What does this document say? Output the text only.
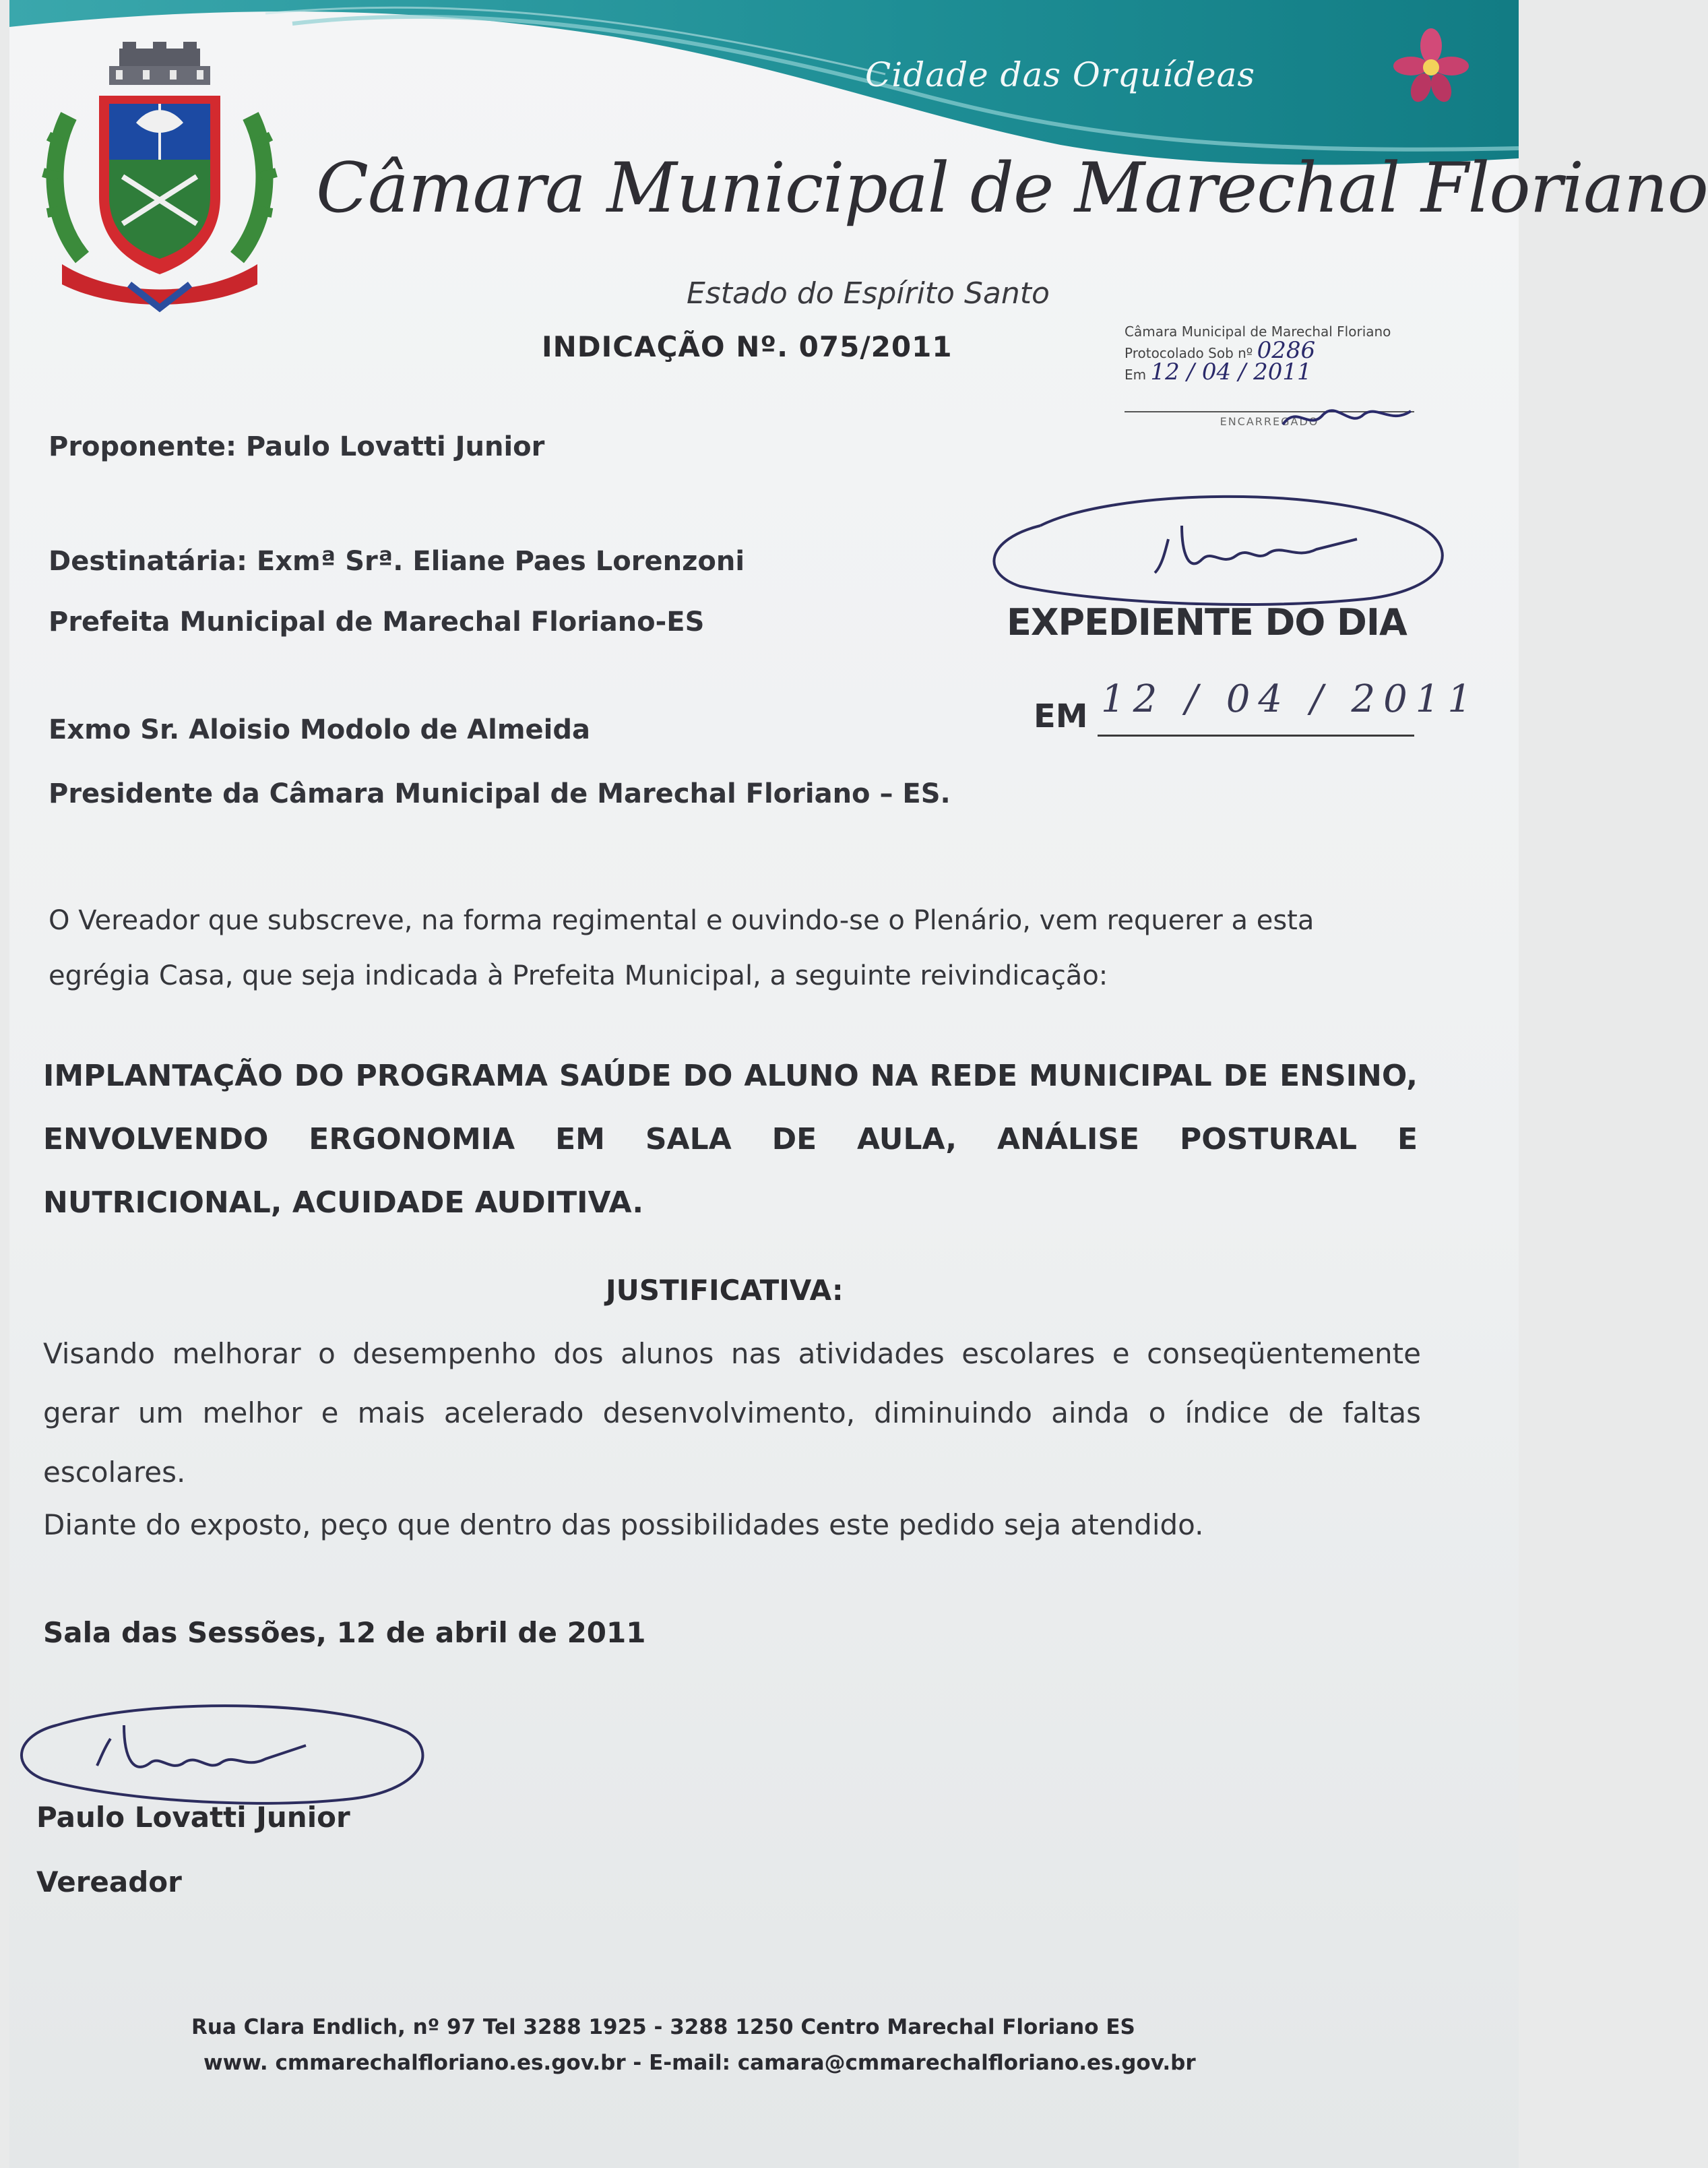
Cidade das Orquídeas
Câmara Municipal de Marechal Floriano
Estado do Espírito Santo
INDICAÇÃO Nº. 075/2011	Câmara Municipal de Marechal Floriano
Protocolado Sob nº 0286
Em 12 / 04 / 2011
ENCARREGADO
Proponente: Paulo Lovatti Junior
Destinatária: Exmª Srª. Eliane Paes Lorenzoni
Prefeita Municipal de Marechal Floriano-ES
Exmo Sr. Aloisio Modolo de Almeida
Presidente da Câmara Municipal de Marechal Floriano – ES.
EXPEDIENTE DO DIA
EM 12 / 04 / 2011
O Vereador que subscreve, na forma regimental e ouvindo-se o Plenário, vem requerer a esta egrégia Casa, que seja indicada à Prefeita Municipal, a seguinte reivindicação:
IMPLANTAÇÃO DO PROGRAMA SAÚDE DO ALUNO NA REDE MUNICIPAL DE ENSINO, ENVOLVENDO ERGONOMIA EM SALA DE AULA, ANÁLISE POSTURAL E NUTRICIONAL, ACUIDADE AUDITIVA.
JUSTIFICATIVA:
Visando melhorar o desempenho dos alunos nas atividades escolares e conseqüentemente gerar um melhor e mais acelerado desenvolvimento, diminuindo ainda o índice de faltas escolares.
Diante do exposto, peço que dentro das possibilidades este pedido seja atendido.
Sala das Sessões, 12 de abril de 2011
Paulo Lovatti Junior
Vereador
Rua Clara Endlich, nº 97 Tel 3288 1925 - 3288 1250 Centro Marechal Floriano ES
www. cmmarechalfloriano.es.gov.br - E-mail: camara@cmmarechalfloriano.es.gov.br
